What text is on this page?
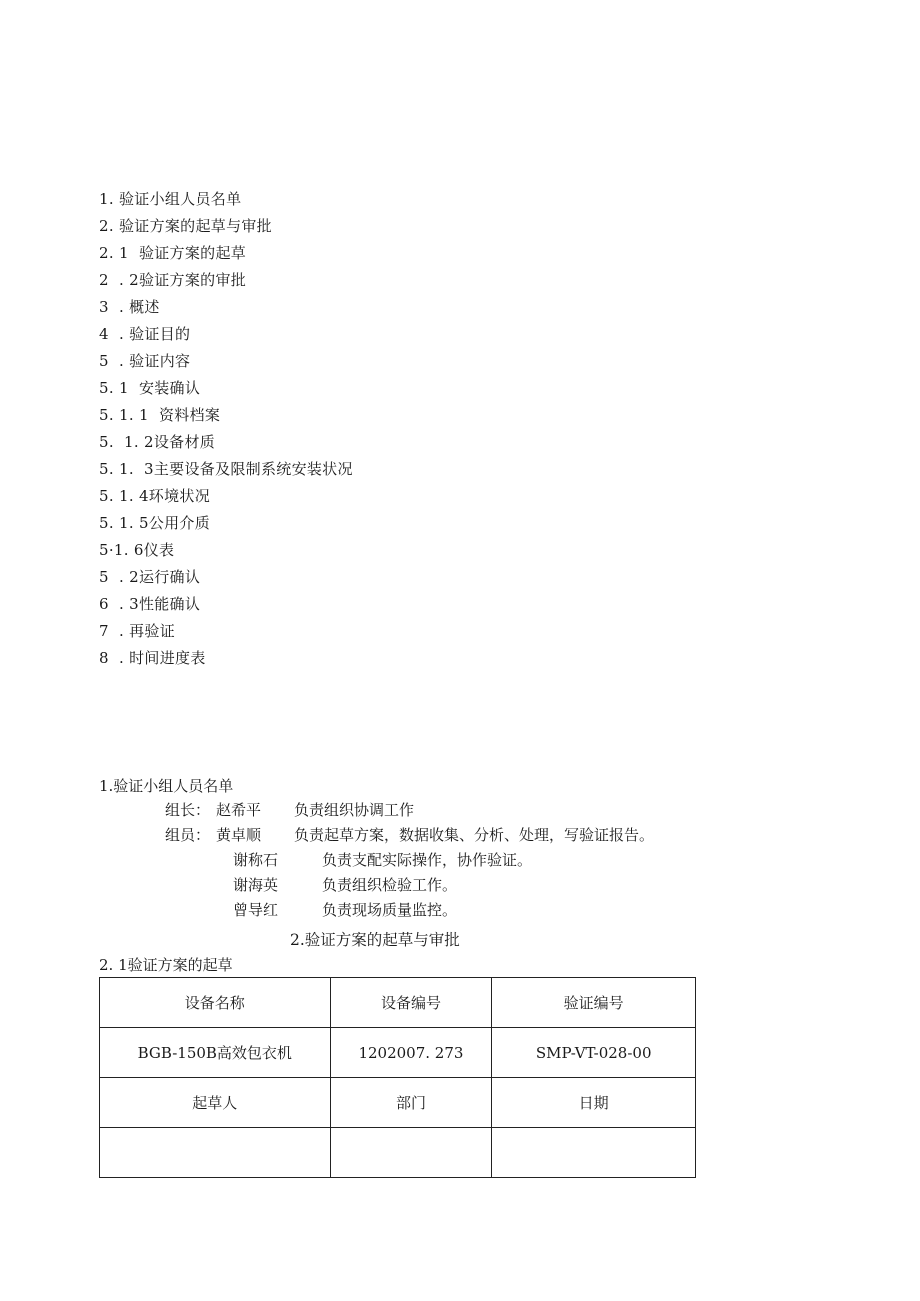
1. 验证小组人员名单
2. 验证方案的起草与审批
2. 1  验证方案的起草
2  . 2验证方案的审批
3  . 概述
4  . 验证目的
5  . 验证内容
5. 1  安装确认
5. 1. 1  资料档案
5.  1. 2设备材质
5. 1.  3主要设备及限制系统安装状况
5. 1. 4环境状况
5. 1. 5公用介质
5·1. 6仪表
5  . 2运行确认
6  . 3性能确认
7  . 再验证
8  . 时间进度表
1.验证小组人员名单
组长： 赵希平 负责组织协调工作
组员： 黄卓顺 负责起草方案，数据收集、分析、处理，写验证报告。
谢称石	负责支配实际操作，协作验证。
谢海英	负责组织检验工作。
曾导红	负责现场质量监控。
2.验证方案的起草与审批
2. 1验证方案的起草
设备名称	设备编号	验证编号
BGB-150B高效包衣机	1202007. 273	SMP-VT-028-00
起草人	部门	日期
